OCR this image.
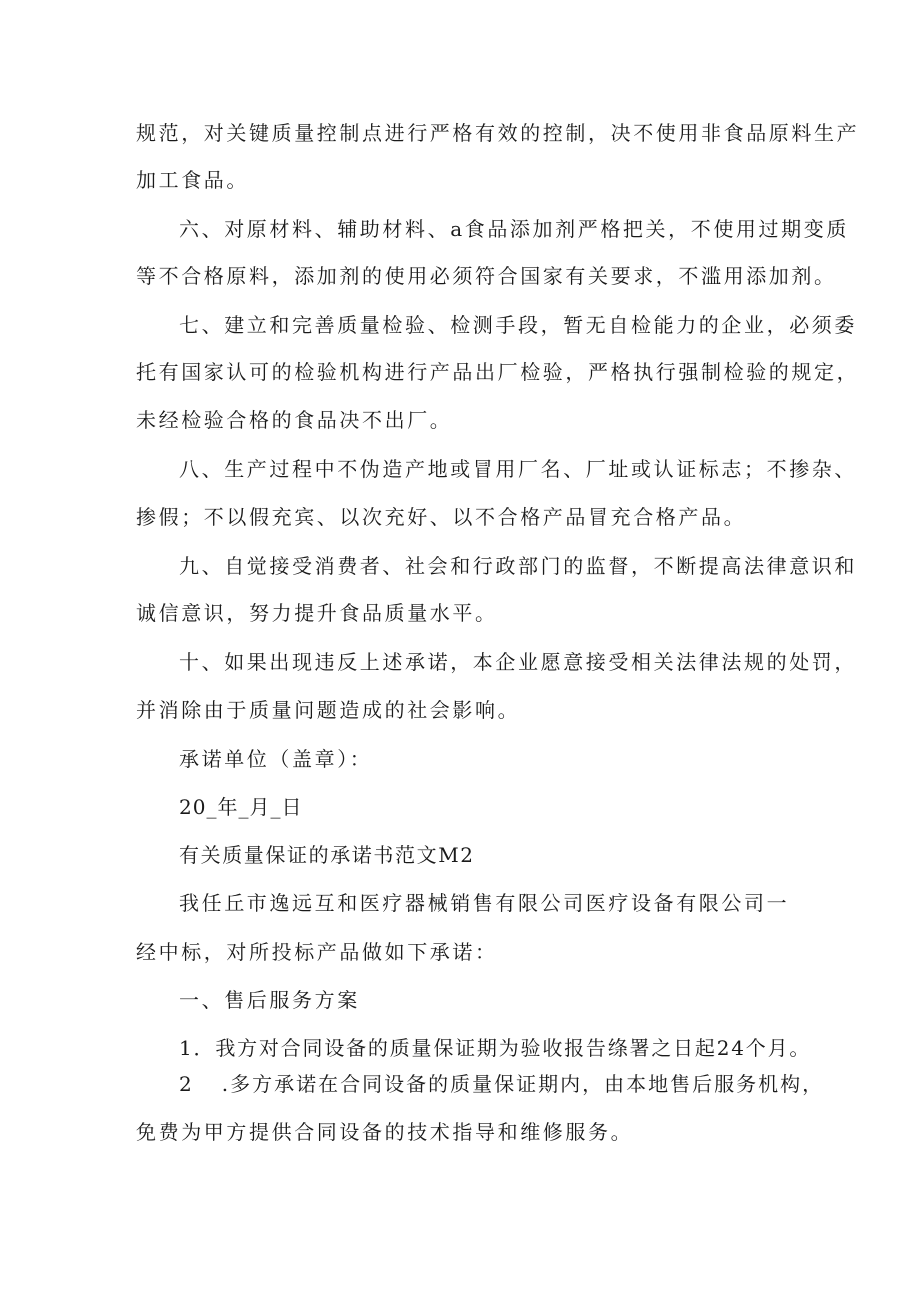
规范，对关键质量控制点进行严格有效的控制，决不使用非食品原料生产
加工食品。
六、对原材料、辅助材料、a食品添加剂严格把关，不使用过期变质
等不合格原料，添加剂的使用必须符合国家有关要求，不滥用添加剂。
七、建立和完善质量检验、检测手段，暂无自检能力的企业，必须委
托有国家认可的检验机构进行产品出厂检验，严格执行强制检验的规定，
未经检验合格的食品决不出厂。
八、生产过程中不伪造产地或冒用厂名、厂址或认证标志；不掺杂、
掺假；不以假充宾、以次充好、以不合格产品冒充合格产品。
九、自觉接受消费者、社会和行政部门的监督，不断提高法律意识和
诚信意识，努力提升食品质量水平。
十、如果出现违反上述承诺，本企业愿意接受相关法律法规的处罚，
并消除由于质量问题造成的社会影响。
承诺单位（盖章）：
20_年_月_日
有关质量保证的承诺书范文M2
我任丘市逸远互和医疗器械销售有限公司医疗设备有限公司一
经中标，对所投标产品做如下承诺：
一、售后服务方案
1．我方对合同设备的质量保证期为验收报告绦署之日起24个月。
2 .多方承诺在合同设备的质量保证期内，由本地售后服务机构，
免费为甲方提供合同设备的技术指导和维修服务。
